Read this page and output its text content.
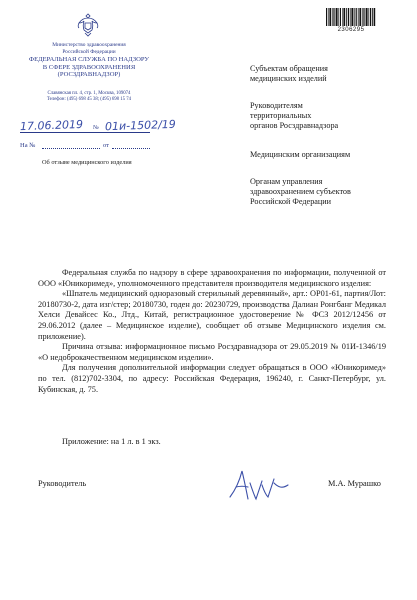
2306295
Министерство здравоохранения
Российской Федерации
ФЕДЕРАЛЬНАЯ СЛУЖБА ПО НАДЗОРУ
В СФЕРЕ ЗДРАВООХРАНЕНИЯ
(РОСЗДРАВНАДЗОР)
Славянская пл. 4, стр. 1, Москва, 109074
Телефон: (495) 698 45 38; (495) 698 15 74
17.06.2019 № 01и-1502/19
На №	от
Об отзыве медицинского изделия
Субъектам обращения
медицинских изделий
Руководителям
территориальных
органов Росздравнадзора
Медицинским организациям
Органам управления
здравоохранением субъектов
Российской Федерации

Федеральная служба по надзору в сфере здравоохранения по информации, полученной от ООО «Юникоримед», уполномоченного представителя производителя медицинского изделия:

«Шпатель медицинский одноразовый стерильный деревянный», арт.: OP01-61, партия/Лот: 20180730-2, дата изг/стер; 20180730, годен до: 20230729, производства Далиан Ронгбанг Медикал Хелси Девайсес Ко., Лтд., Китай, регистрационное удостоверение № ФСЗ 2012/12456 от 29.06.2012 (далее – Медицинское изделие), сообщает об отзыве Медицинского изделия см. приложение).

Причина отзыва: информационное письмо Росздравнадзора от 29.05.2019 № 01И-1346/19 «О недоброкачественном медицинском изделии».

Для получения дополнительной информации следует обращаться в ООО «Юникоримед» по тел. (812)702-3304, по адресу: Российская Федерация, 196240, г. Санкт-Петербург, ул. Кубинская, д. 75.

Приложение: на 1 л. в 1 экз.
Руководитель	М.А. Мурашко
